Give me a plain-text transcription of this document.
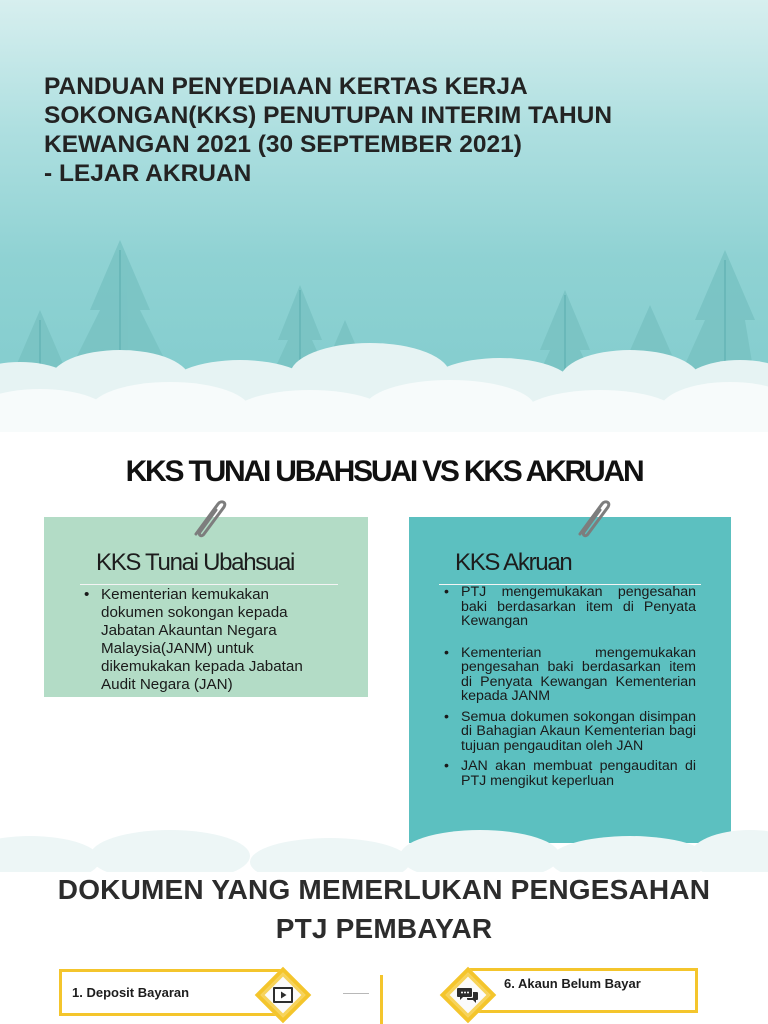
PANDUAN PENYEDIAAN KERTAS KERJA
SOKONGAN(KKS) PENUTUPAN INTERIM TAHUN
KEWANGAN 2021 (30 SEPTEMBER 2021)
- LEJAR AKRUAN
KKS TUNAI UBAHSUAI VS KKS AKRUAN
KKS Tunai Ubahsuai
• Kementerian kemukakan dokumen sokongan kepada Jabatan Akauntan Negara Malaysia(JANM) untuk dikemukakan kepada Jabatan Audit Negara (JAN)
KKS Akruan
• PTJ mengemukakan pengesahan baki berdasarkan item di Penyata Kewangan
• Kementerian mengemukakan pengesahan baki berdasarkan item di Penyata Kewangan Kementerian kepada JANM
• Semua dokumen sokongan disimpan di Bahagian Akaun Kementerian bagi tujuan pengauditan oleh JAN
• JAN akan membuat pengauditan di PTJ mengikut keperluan
DOKUMEN YANG MEMERLUKAN PENGESAHAN
PTJ PEMBAYAR
1. Deposit Bayaran
6. Akaun Belum Bayar
